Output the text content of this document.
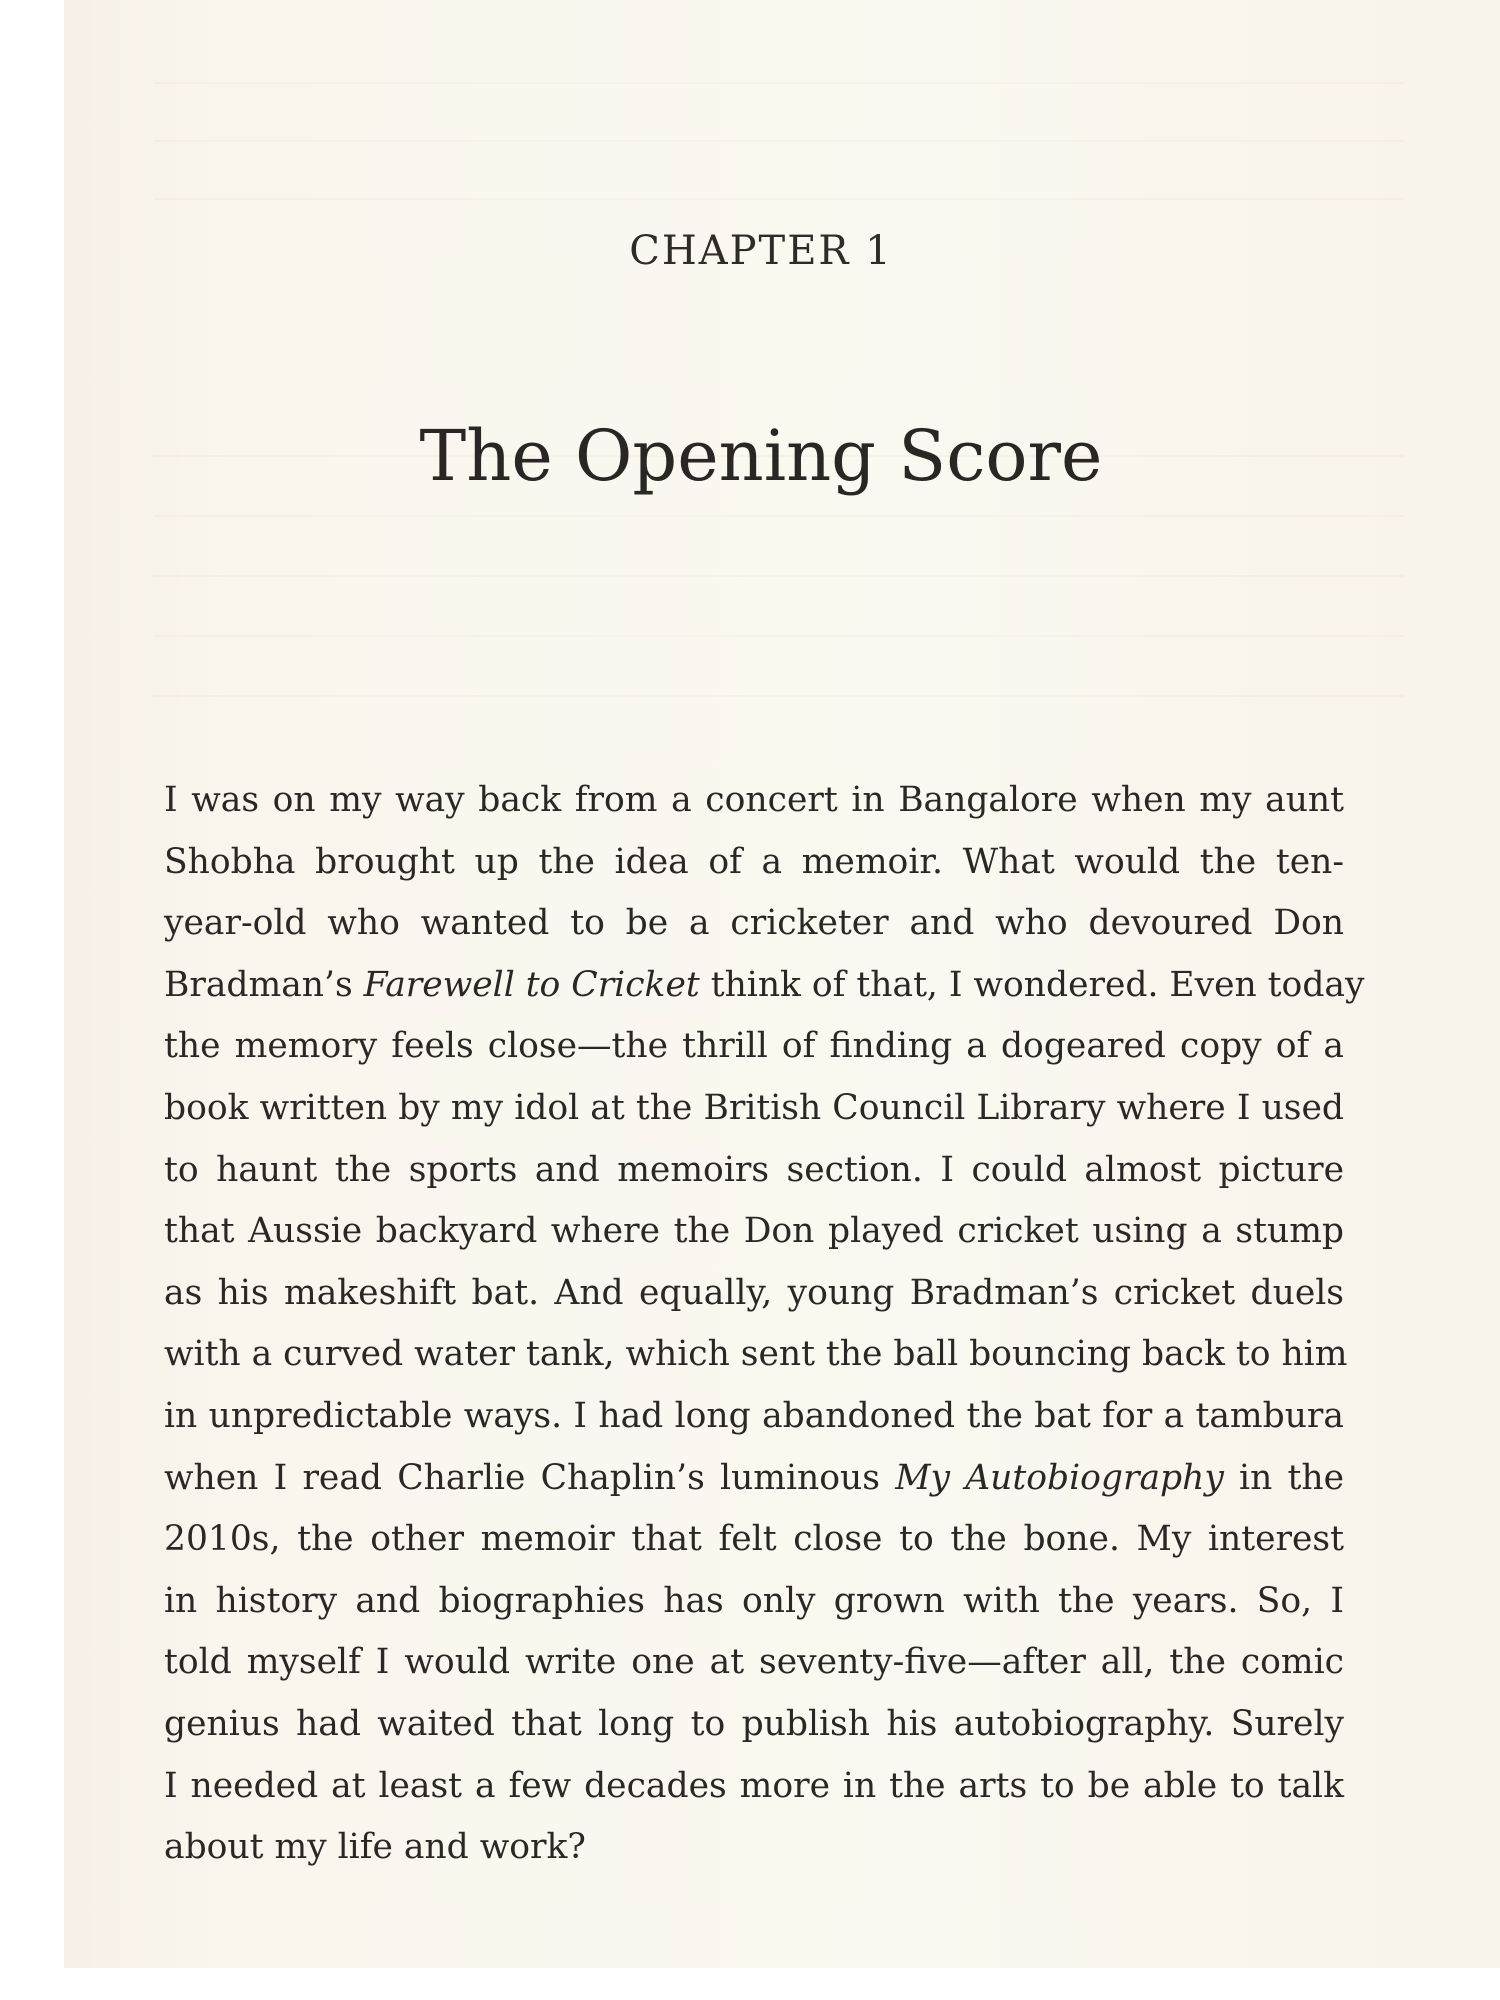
CHAPTER 1
The Opening Score
I was on my way back from a concert in Bangalore when my aunt
Shobha brought up the idea of a memoir. What would the ten-
year-old who wanted to be a cricketer and who devoured Don
Bradman’s Farewell to Cricket think of that, I wondered. Even today
the memory feels close—the thrill of finding a dogeared copy of a
book written by my idol at the British Council Library where I used
to haunt the sports and memoirs section. I could almost picture
that Aussie backyard where the Don played cricket using a stump
as his makeshift bat. And equally, young Bradman’s cricket duels
with a curved water tank, which sent the ball bouncing back to him
in unpredictable ways. I had long abandoned the bat for a tambura
when I read Charlie Chaplin’s luminous My Autobiography in the
2010s, the other memoir that felt close to the bone. My interest
in history and biographies has only grown with the years. So, I
told myself I would write one at seventy-five—after all, the comic
genius had waited that long to publish his autobiography. Surely
I needed at least a few decades more in the arts to be able to talk
about my life and work?
